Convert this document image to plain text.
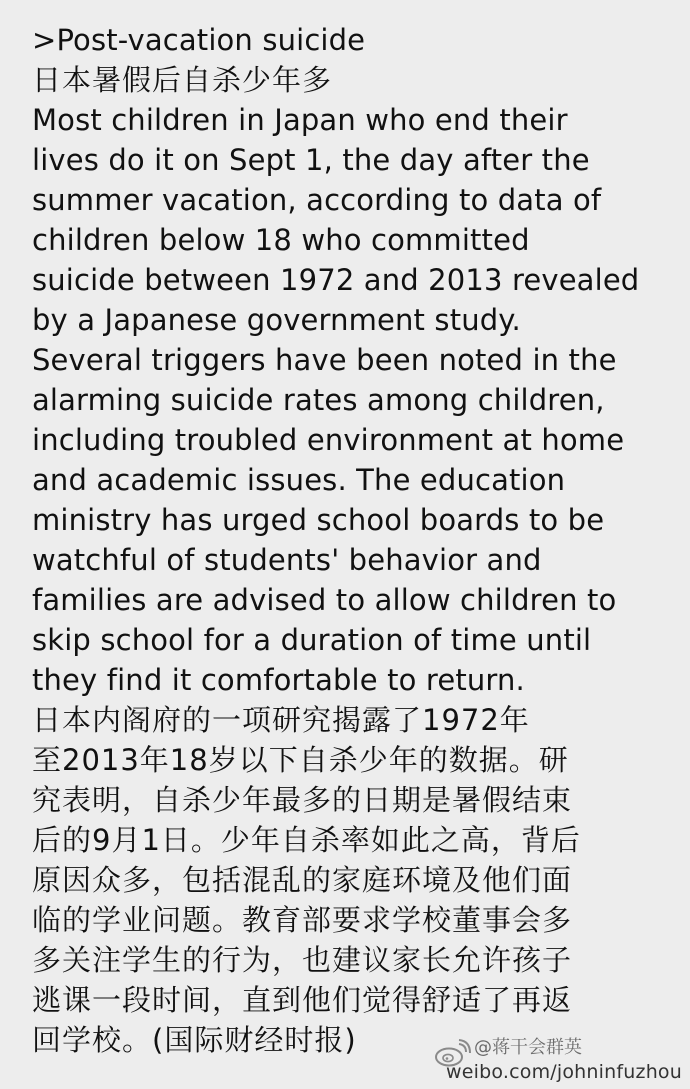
>Post-vacation suicide
日本暑假后自杀少年多
Most children in Japan who end their
lives do it on Sept 1, the day after the
summer vacation, according to data of
children below 18 who committed
suicide between 1972 and 2013 revealed
by a Japanese government study.
Several triggers have been noted in the
alarming suicide rates among children,
including troubled environment at home
and academic issues. The education
ministry has urged school boards to be
watchful of students' behavior and
families are advised to allow children to
skip school for a duration of time until
they find it comfortable to return.
日本内阁府的一项研究揭露了1972年
至2013年18岁以下自杀少年的数据。研
究表明，自杀少年最多的日期是暑假结束
后的9月1日。少年自杀率如此之高，背后
原因众多，包括混乱的家庭环境及他们面
临的学业问题。教育部要求学校董事会多
多关注学生的行为，也建议家长允许孩子
逃课一段时间，直到他们觉得舒适了再返
回学校。(国际财经时报)	@蒋干会群英
weibo.com/johninfuzhou
